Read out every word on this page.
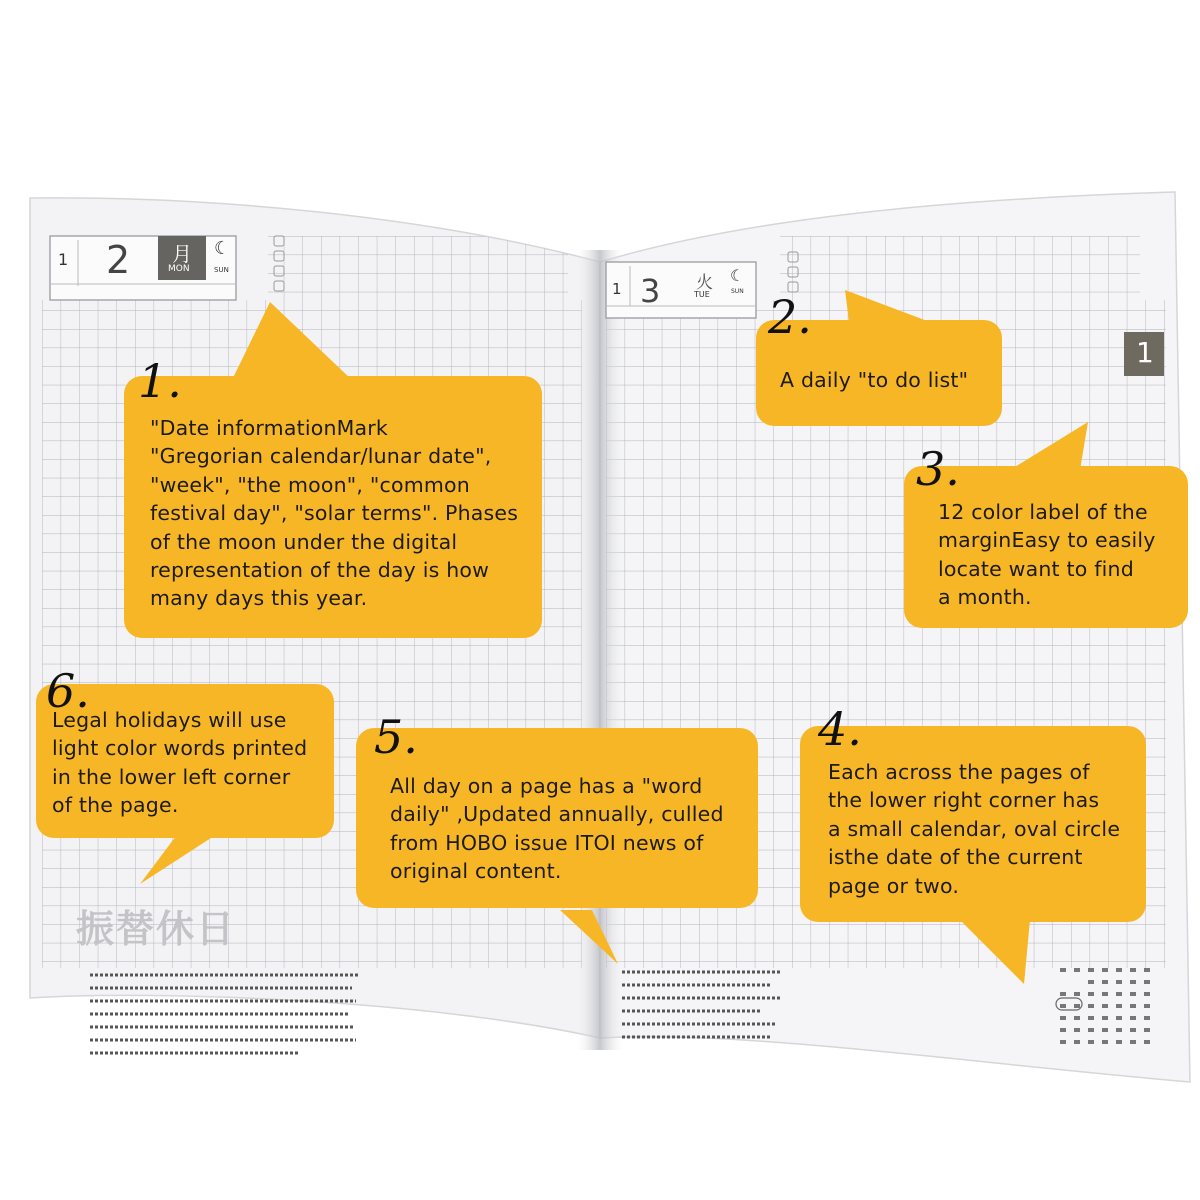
1 2 月
MON
☾
SUN
1 3 火
TUE
☾
SUN
1
振替休日
1.
"Date informationMark
"Gregorian calendar/lunar date",
"week", "the moon", "common
festival day", "solar terms". Phases
of the moon under the digital
representation of the day is how
many days this year.
2.
A daily "to do list"
3.
12 color label of the
marginEasy to easily
locate want to find
a month.
4.
Each across the pages of
the lower right corner has
a small calendar, oval circle
isthe date of the current
page or two.
5.
All day on a page has a "word
daily" ,Updated annually, culled
from HOBO issue ITOI news of
original content.
6.
Legal holidays will use
light color words printed
in the lower left corner
of the page.
